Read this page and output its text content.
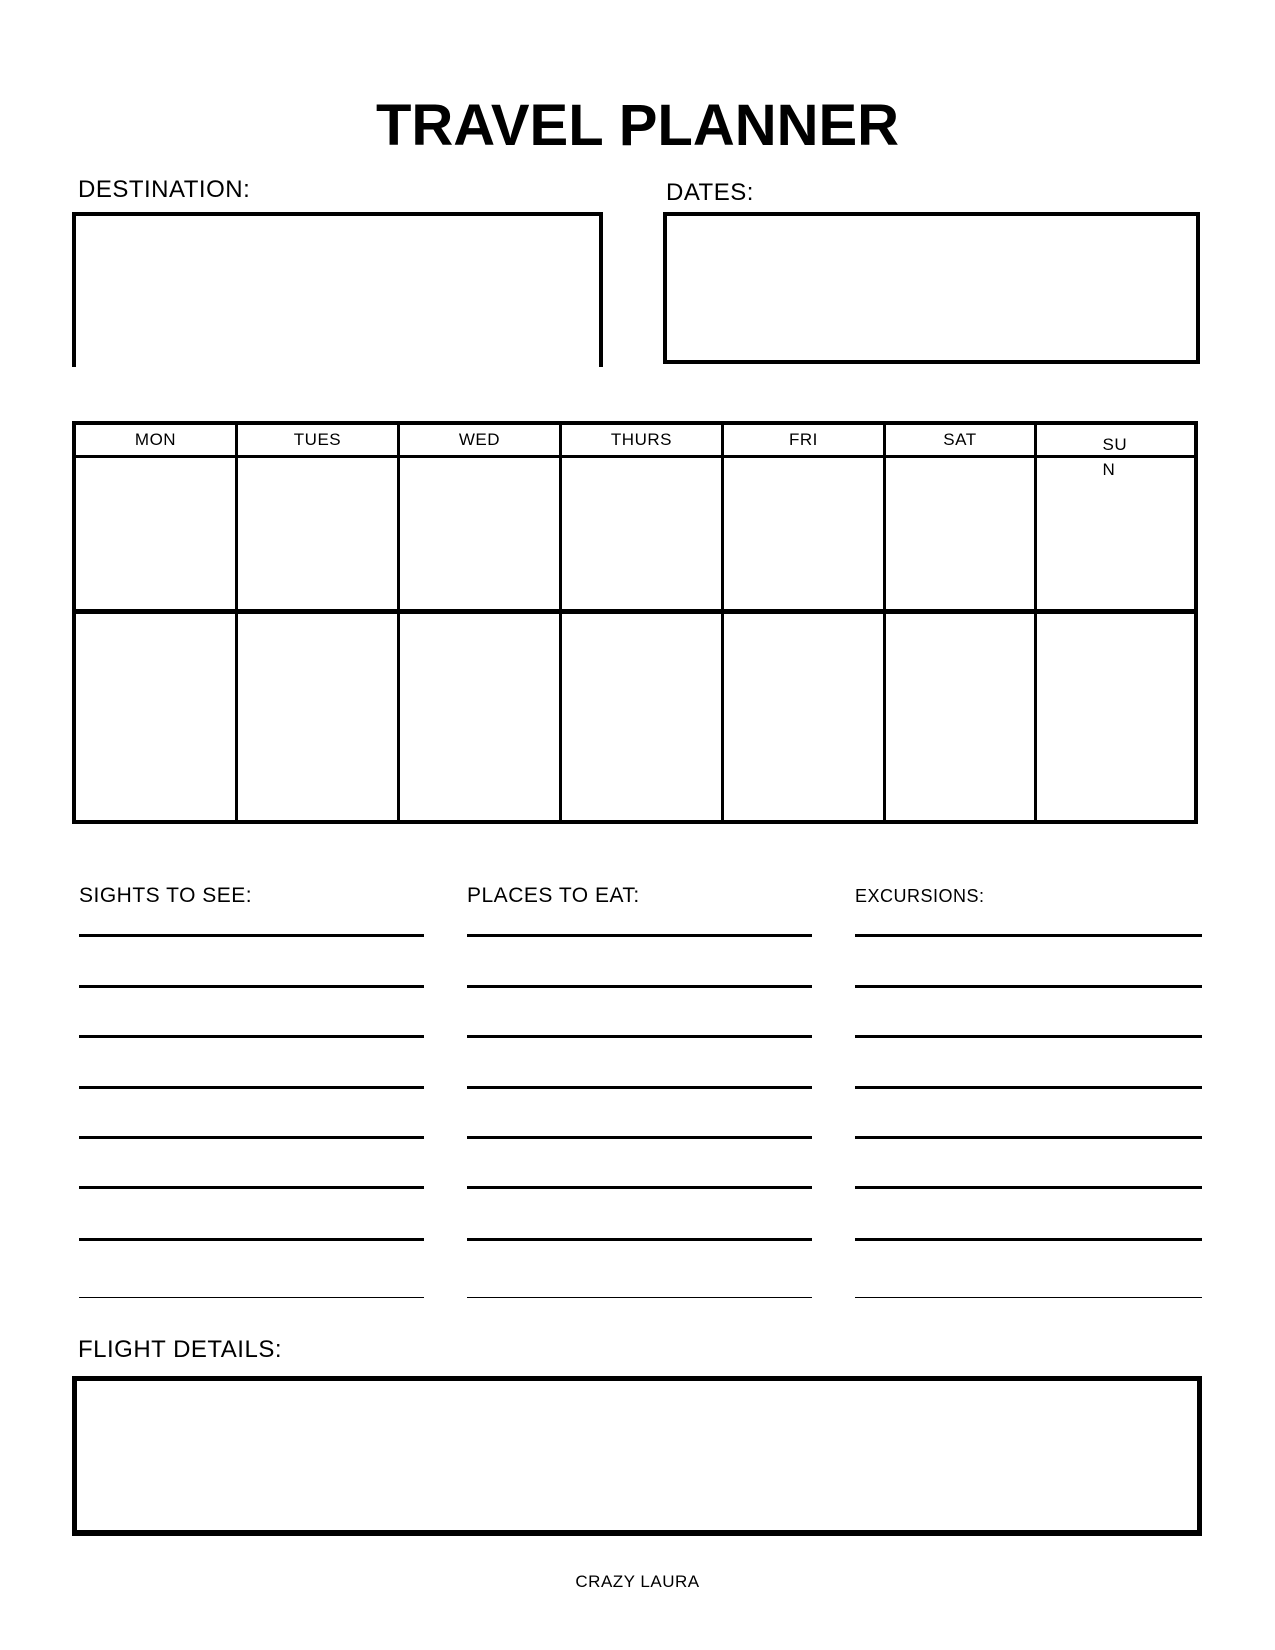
TRAVEL PLANNER
DESTINATION:	DATES:
MON	TUES	WED	THURS	FRI	SAT	SUN
SIGHTS TO SEE:	PLACES TO EAT:	EXCURSIONS:
FLIGHT DETAILS:
CRAZY LAURA
